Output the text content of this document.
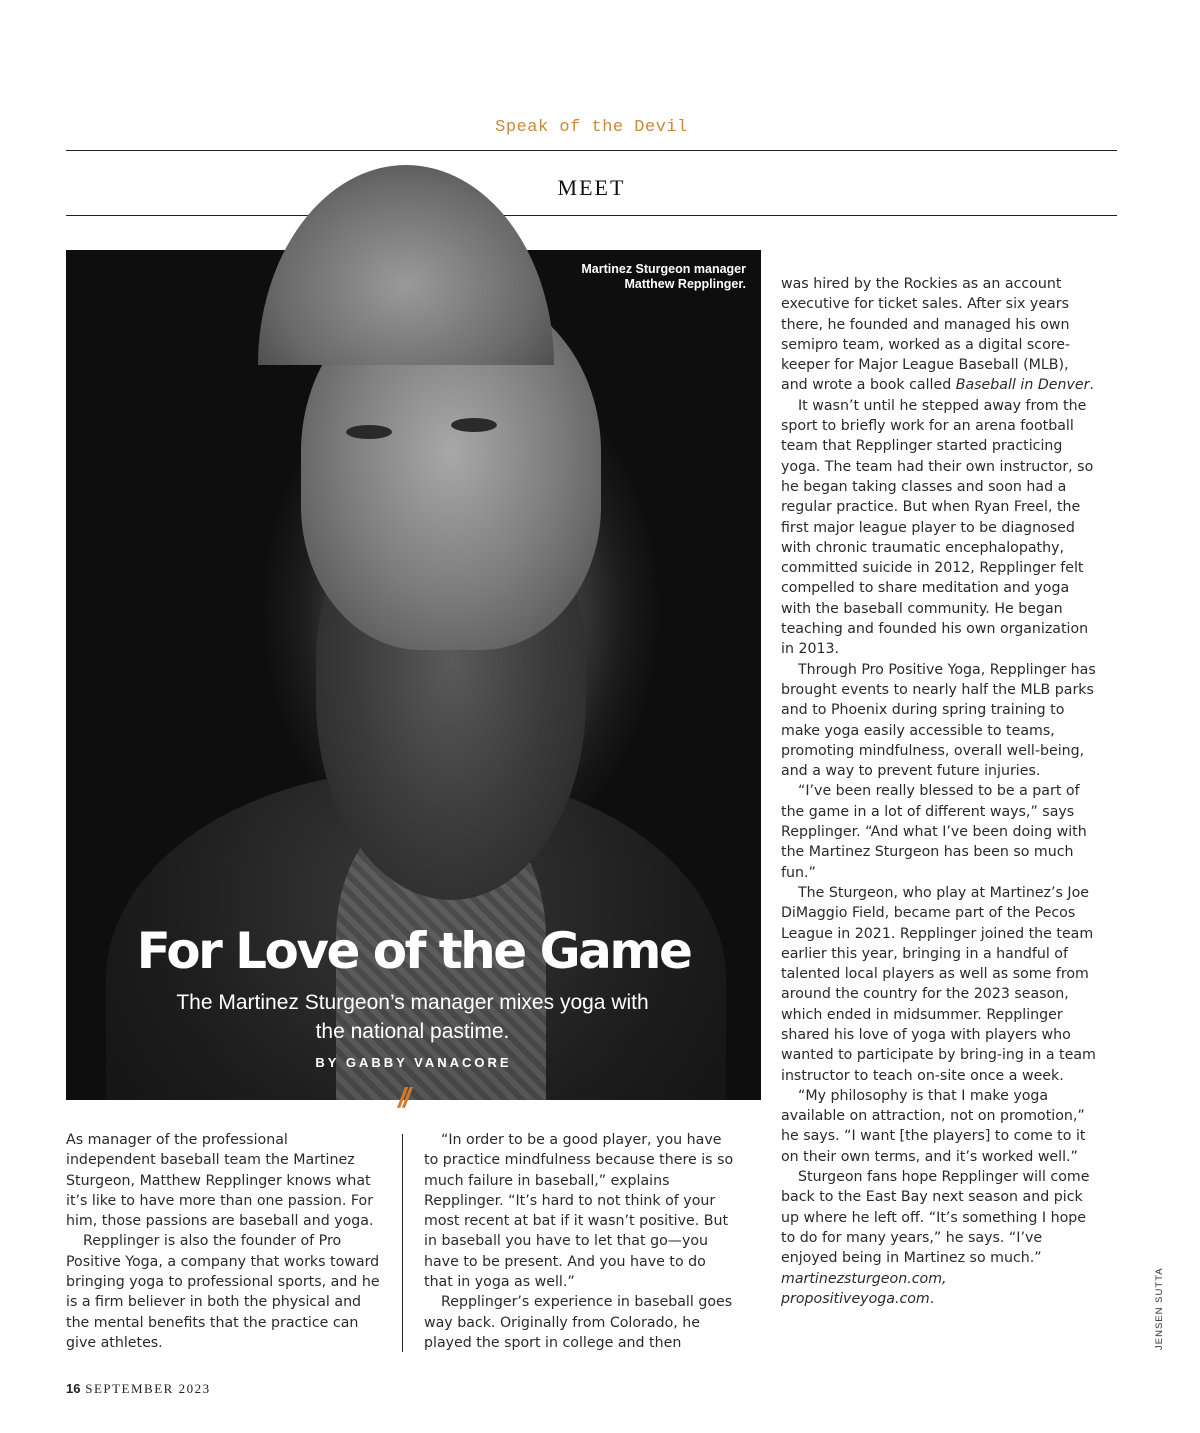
Speak of the Devil
MEET
Martinez Sturgeon manager Matthew Repplinger.
For Love of the Game
The Martinez Sturgeon’s manager mixes yoga with the national pastime.
BY GABBY VANACORE
//

As manager of the professional independent baseball team the Martinez Sturgeon, Matthew Repplinger knows what it’s like to have more than one passion. For him, those passions are baseball and yoga.

Repplinger is also the founder of Pro Positive Yoga, a company that works toward bringing yoga to professional sports, and he is a firm believer in both the physical and the mental benefits that the practice can give athletes.

“In order to be a good player, you have to practice mindfulness because there is so much failure in baseball,” explains Repplinger. “It’s hard to not think of your most recent at bat if it wasn’t positive. But in baseball you have to let that go—you have to be present. And you have to do that in yoga as well.”

Repplinger’s experience in baseball goes way back. Originally from Colorado, he played the sport in college and then

was hired by the Rockies as an account executive for ticket sales. After six years there, he founded and managed his own semipro team, worked as a digital score-keeper for Major League Baseball (MLB), and wrote a book called Baseball in Denver.

It wasn’t until he stepped away from the sport to briefly work for an arena football team that Repplinger started practicing yoga. The team had their own instructor, so he began taking classes and soon had a regular practice. But when Ryan Freel, the first major league player to be diagnosed with chronic traumatic encephalopathy, committed suicide in 2012, Repplinger felt compelled to share meditation and yoga with the baseball community. He began teaching and founded his own organization in 2013.

Through Pro Positive Yoga, Repplinger has brought events to nearly half the MLB parks and to Phoenix during spring training to make yoga easily accessible to teams, promoting mindfulness, overall well-being, and a way to prevent future injuries.

“I’ve been really blessed to be a part of the game in a lot of different ways,” says Repplinger. “And what I’ve been doing with the Martinez Sturgeon has been so much fun.”

The Sturgeon, who play at Martinez’s Joe DiMaggio Field, became part of the Pecos League in 2021. Repplinger joined the team earlier this year, bringing in a handful of talented local players as well as some from around the country for the 2023 season, which ended in midsummer. Repplinger shared his love of yoga with players who wanted to participate by bring-ing in a team instructor to teach on-site once a week.

“My philosophy is that I make yoga available on attraction, not on promotion,” he says. “I want [the players] to come to it on their own terms, and it’s worked well.”

Sturgeon fans hope Repplinger will come back to the East Bay next season and pick up where he left off. “It’s something I hope to do for many years,” he says. “I’ve enjoyed being in Martinez so much.” martinezsturgeon.com, propositiveyoga.com.	JENSEN SUTTA
16 SEPTEMBER 2023
